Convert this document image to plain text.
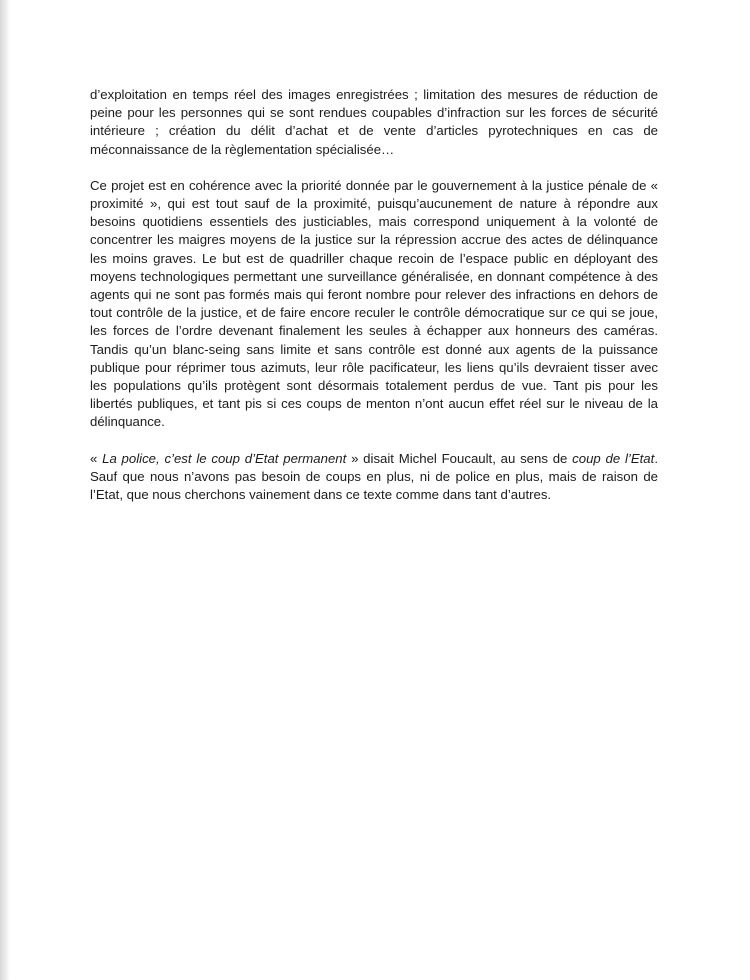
d’exploitation en temps réel des images enregistrées ; limitation des mesures de réduction de peine pour les personnes qui se sont rendues coupables d’infraction sur les forces de sécurité intérieure ; création du délit d’achat et de vente d’articles pyrotechniques en cas de méconnaissance de la règlementation spécialisée…

Ce projet est en cohérence avec la priorité donnée par le gouvernement à la justice pénale de « proximité », qui est tout sauf de la proximité, puisqu’aucunement de nature à répondre aux besoins quotidiens essentiels des justiciables, mais correspond uniquement à la volonté de concentrer les maigres moyens de la justice sur la répression accrue des actes de délinquance les moins graves. Le but est de quadriller chaque recoin de l’espace public en déployant des moyens technologiques permettant une surveillance généralisée, en donnant compétence à des agents qui ne sont pas formés mais qui feront nombre pour relever des infractions en dehors de tout contrôle de la justice, et de faire encore reculer le contrôle démocratique sur ce qui se joue, les forces de l’ordre devenant finalement les seules à échapper aux honneurs des caméras. Tandis qu’un blanc-seing sans limite et sans contrôle est donné aux agents de la puissance publique pour réprimer tous azimuts, leur rôle pacificateur, les liens qu’ils devraient tisser avec les populations qu’ils protègent sont désormais totalement perdus de vue. Tant pis pour les libertés publiques, et tant pis si ces coups de menton n’ont aucun effet réel sur le niveau de la délinquance.

« La police, c’est le coup d’Etat permanent » disait Michel Foucault, au sens de coup de l’Etat. Sauf que nous n’avons pas besoin de coups en plus, ni de police en plus, mais de raison de l’Etat, que nous cherchons vainement dans ce texte comme dans tant d’autres.
